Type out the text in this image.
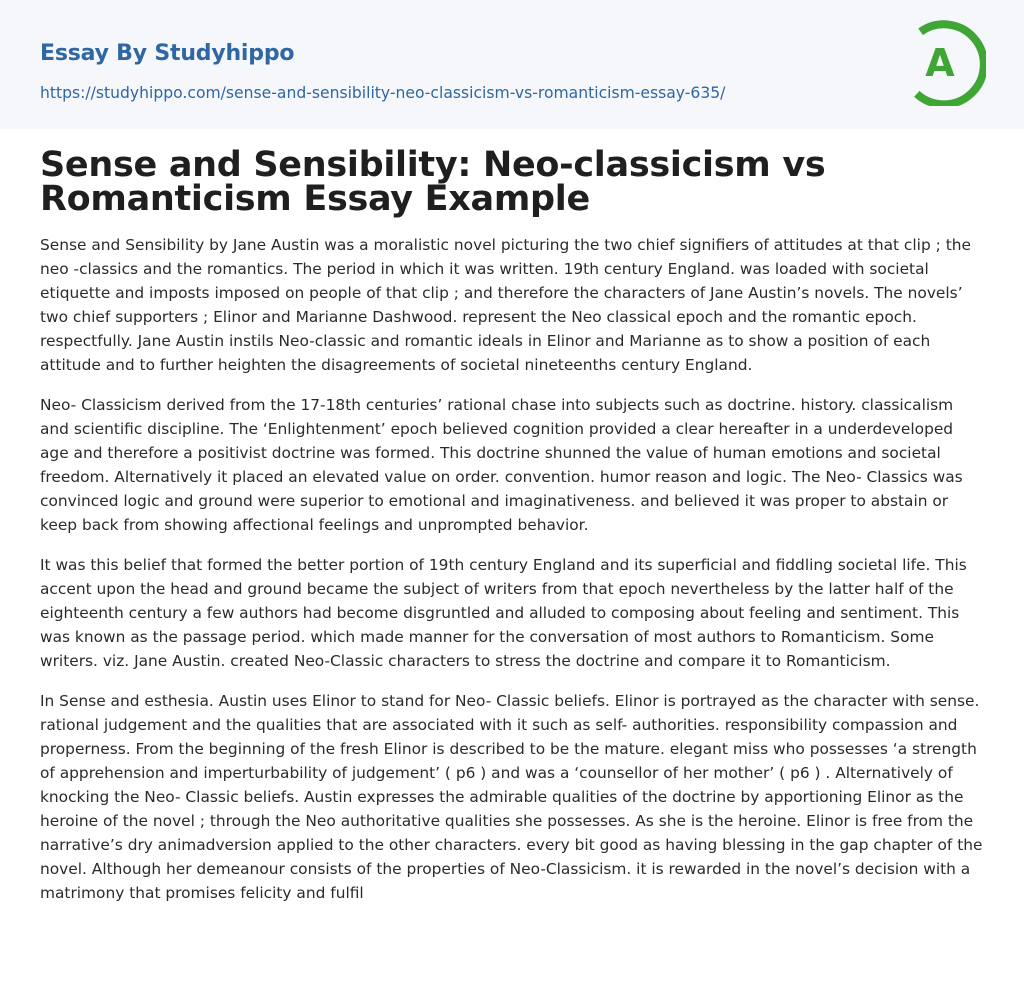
Essay By Studyhippo
https://studyhippo.com/sense-and-sensibility-neo-classicism-vs-romanticism-essay-635/
A
Sense and Sensibility: Neo-classicism vs Romanticism Essay Example

Sense and Sensibility by Jane Austin was a moralistic novel picturing the two chief signifiers of attitudes at that clip ; the neo -classics and the romantics. The period in which it was written. 19th century England. was loaded with societal etiquette and imposts imposed on people of that clip ; and therefore the characters of Jane Austin’s novels. The novels’ two chief supporters ; Elinor and Marianne Dashwood. represent the Neo classical epoch and the romantic epoch. respectfully. Jane Austin instils Neo-classic and romantic ideals in Elinor and Marianne as to show a position of each attitude and to further heighten the disagreements of societal nineteenths century England.

Neo- Classicism derived from the 17-18th centuries’ rational chase into subjects such as doctrine. history. classicalism and scientific discipline. The ‘Enlightenment’ epoch believed cognition provided a clear hereafter in a underdeveloped age and therefore a positivist doctrine was formed. This doctrine shunned the value of human emotions and societal freedom. Alternatively it placed an elevated value on order. convention. humor reason and logic. The Neo- Classics was convinced logic and ground were superior to emotional and imaginativeness. and believed it was proper to abstain or keep back from showing affectional feelings and unprompted behavior.

It was this belief that formed the better portion of 19th century England and its superficial and fiddling societal life. This accent upon the head and ground became the subject of writers from that epoch nevertheless by the latter half of the eighteenth century a few authors had become disgruntled and alluded to composing about feeling and sentiment. This was known as the passage period. which made manner for the conversation of most authors to Romanticism. Some writers. viz. Jane Austin. created Neo-Classic characters to stress the doctrine and compare it to Romanticism.

In Sense and esthesia. Austin uses Elinor to stand for Neo- Classic beliefs. Elinor is portrayed as the character with sense. rational judgement and the qualities that are associated with it such as self- authorities. responsibility compassion and properness. From the beginning of the fresh Elinor is described to be the mature. elegant miss who possesses ‘a strength of apprehension and imperturbability of judgement’ ( p6 ) and was a ‘counsellor of her mother’ ( p6 ) . Alternatively of knocking the Neo- Classic beliefs. Austin expresses the admirable qualities of the doctrine by apportioning Elinor as the heroine of the novel ; through the Neo authoritative qualities she possesses. As she is the heroine. Elinor is free from the narrative’s dry animadversion applied to the other characters. every bit good as having blessing in the gap chapter of the novel. Although her demeanour consists of the properties of Neo-Classicism. it is rewarded in the novel’s decision with a matrimony that promises felicity and fulfil
